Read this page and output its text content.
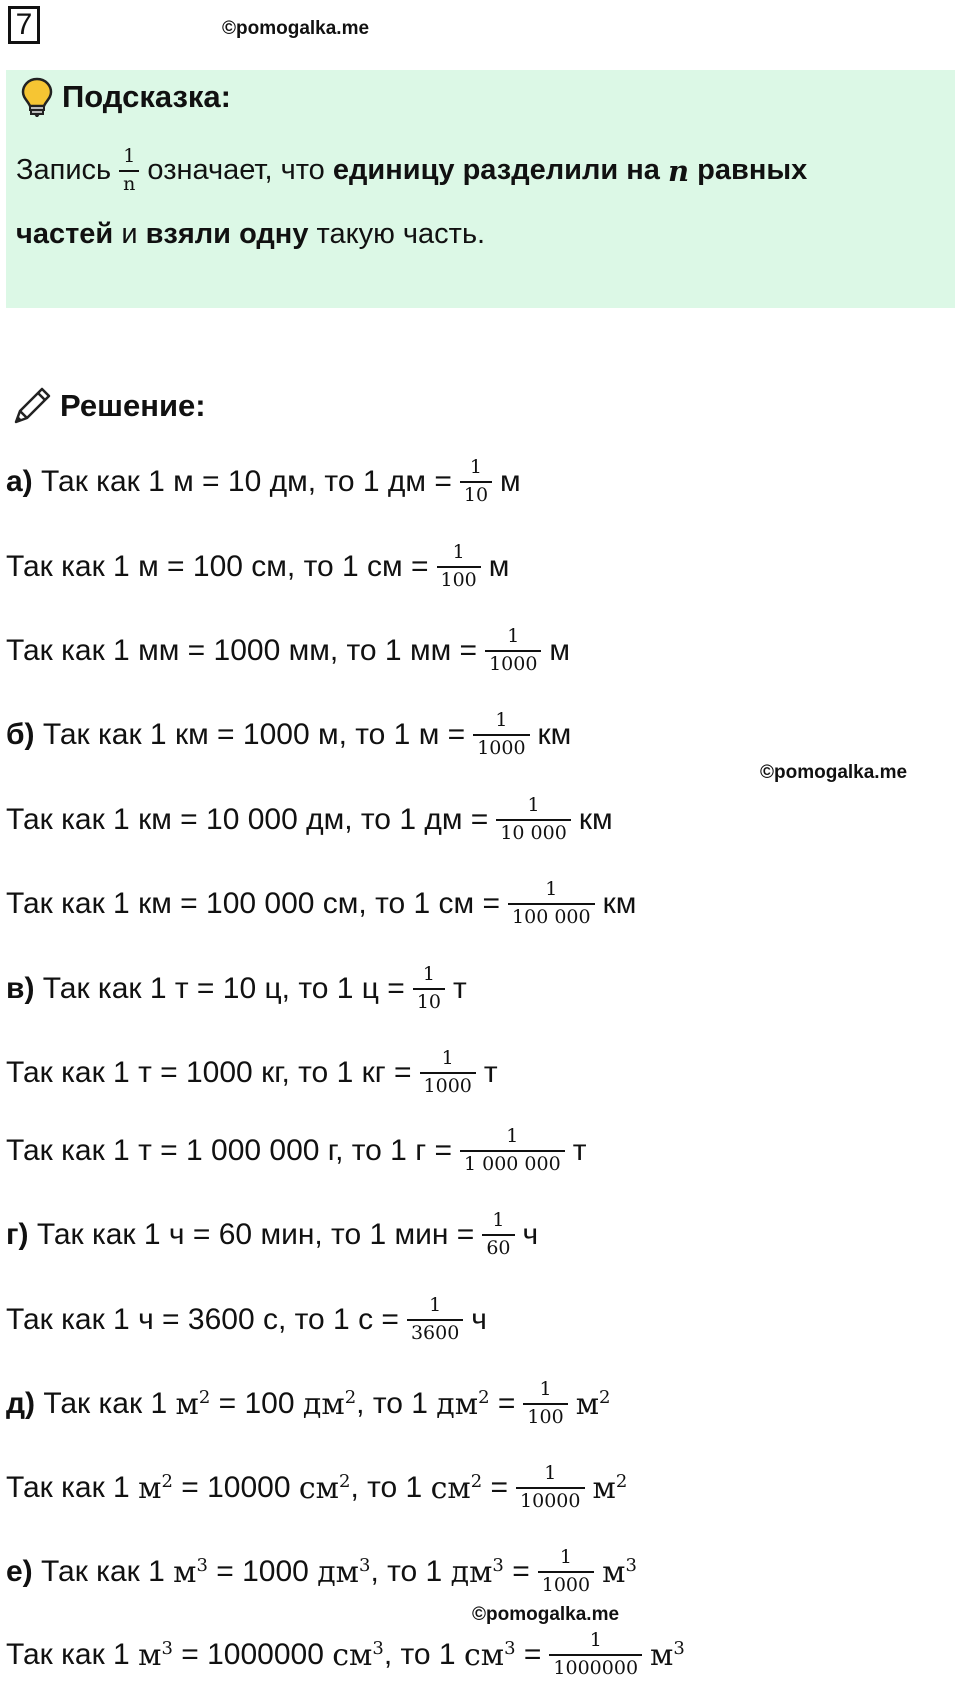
7	©pomogalka.me
Подсказка:
Запись $\frac{1}{n}$ означает, что
единицу разделили на
n
равных
частей
и
взяли одну
такую часть.
Решение:
а)
Так как 1 м = 10 дм, то 1 дм = $\frac{1}{10}$ м
Так как 1 м = 100 см, то 1 см = $\frac{1}{100}$ м
Так как 1 мм = 1000 мм, то 1 мм = $\frac{1}{1000}$ м
б)
Так как 1 км = 1000 м, то 1 $м = \frac{1}{1000}$ км
©pomogalka.me
Так как 1 км = 10 000 дм, то 1 дм = $\frac{1}{10 000}$ км
Так как 1 км = 100 000 см, то 1 см = $\frac{1}{100 000}$ км
в)
Так как 1 т = 10 ц, то 1 $ц = \frac{1}{10}$ т
Так как 1 т = 1000 кг, то 1 кг = $\frac{1}{1000}$ т
Так как 1 т = 1 000 000 г, то 1 $г = \frac{1}{1 000 000}$ т
г)
Так как 1 ч = 60 мин, то 1 мин = $\frac{1}{60}$ ч
Так как 1 ч = 3600 с, то 1 $с = \frac{1}{3600}$ ч
д)
Так как 1
$м^2$
= 100
$дм^2$ , то 1
$дм^2$
= $\frac{1}{100} м^2$
Так как 1
$м^2$
= 10000
$см^2$ , то 1
$см^2$
= $\frac{1}{10000} м^2$
е)
Так как 1
$м^3$
= 1000
$дм^3$ , то 1
$дм^3$
= $\frac{1}{1000} м^3$
©pomogalka.me
Так как 1
$м^3$
= 1000000
$см^3$ , то 1
$см^3$
= $\frac{1}{1000000} м^3$
